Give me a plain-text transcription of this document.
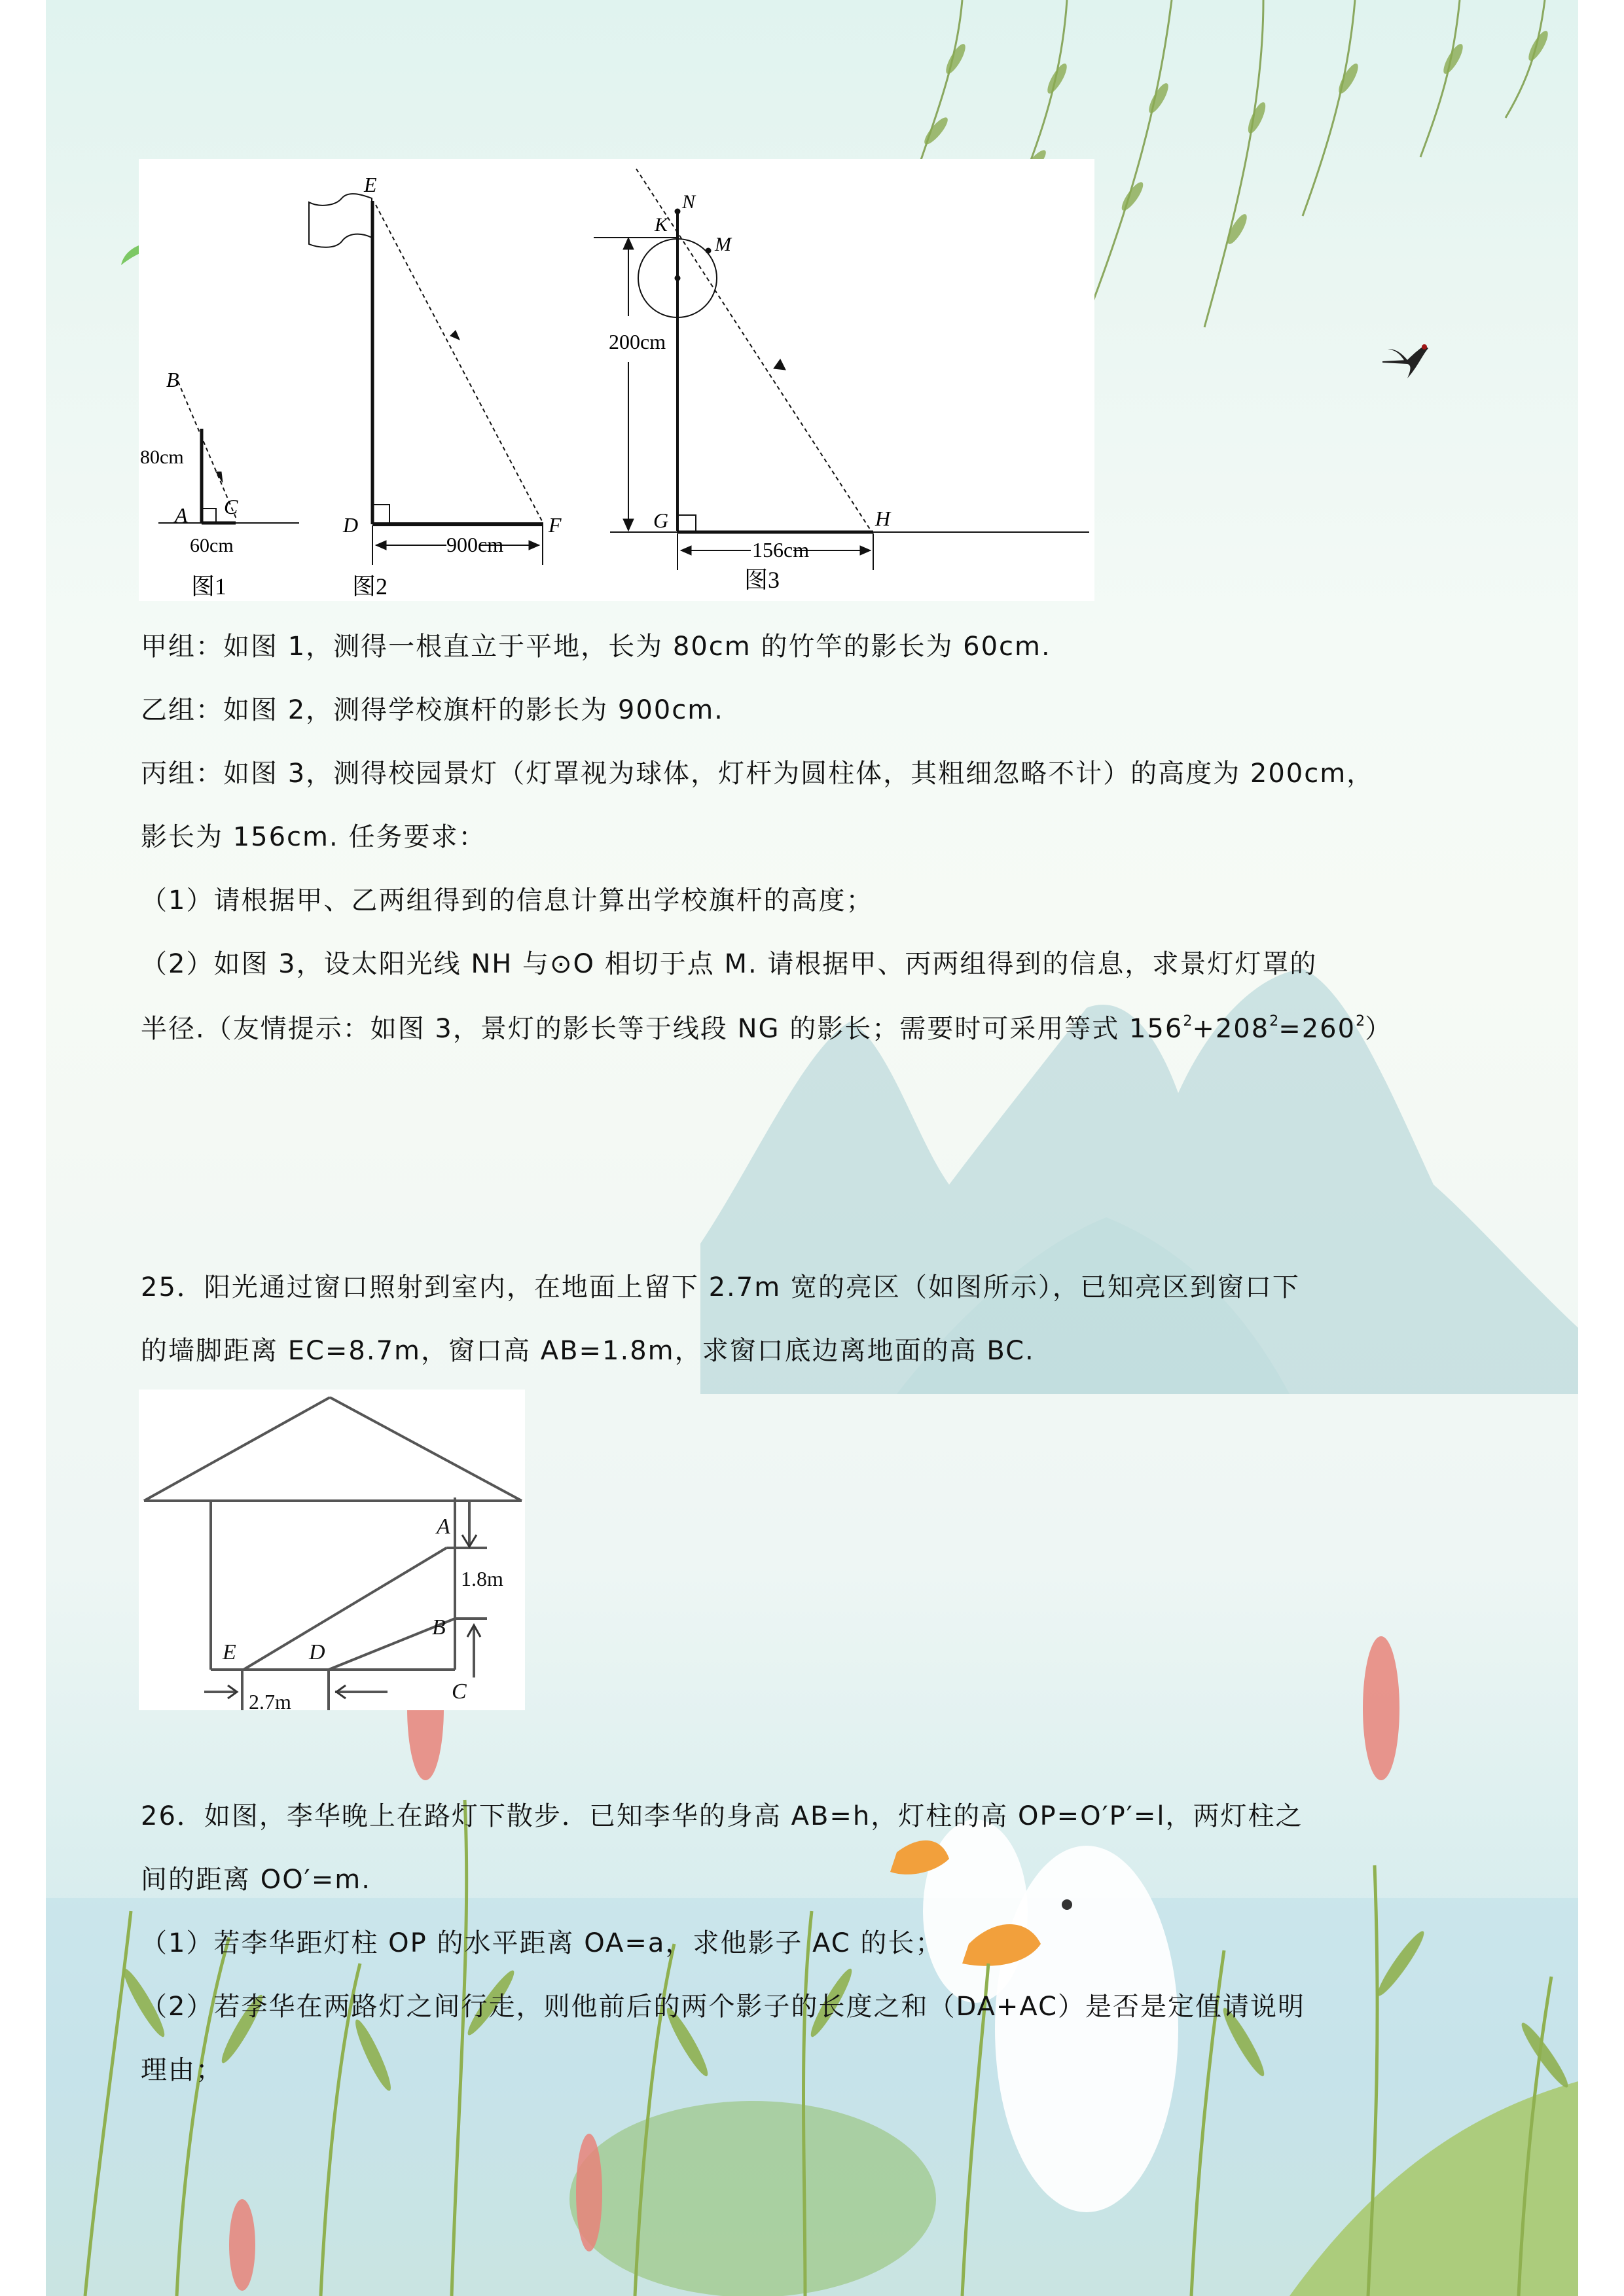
B
80cm
A C
60cm
图1
E
D	F
900cm
图2
N
K
M
200cm
G	H
156cm
图3
甲组：如图 1，测得一根直立于平地，长为 80cm 的竹竿的影长为 60cm.
乙组：如图 2，测得学校旗杆的影长为 900cm.
丙组：如图 3，测得校园景灯（灯罩视为球体，灯杆为圆柱体，其粗细忽略不计）的高度为 200cm，
影长为 156cm. 任务要求：
（1）请根据甲、乙两组得到的信息计算出学校旗杆的高度；
（2）如图 3，设太阳光线 NH 与⊙O 相切于点 M. 请根据甲、丙两组得到的信息，求景灯灯罩的
半径.（友情提示：如图 3，景灯的影长等于线段 NG 的影长；需要时可采用等式 $156^2+208^2=260^2$）
25．阳光通过窗口照射到室内，在地面上留下 2.7m 宽的亮区（如图所示），已知亮区到窗口下
的墙脚距离 EC=8.7m，窗口高 AB=1.8m，求窗口底边离地面的高 BC.
A
1.8m
B
E	D
C
2.7m
26．如图，李华晚上在路灯下散步．已知李华的身高 AB=h，灯柱的高 OP=O′P′=l，两灯柱之
间的距离 OO′=m.
（1）若李华距灯柱 OP 的水平距离 OA=a，求他影子 AC 的长；
（2）若李华在两路灯之间行走，则他前后的两个影子的长度之和（DA+AC）是否是定值请说明
理由；
